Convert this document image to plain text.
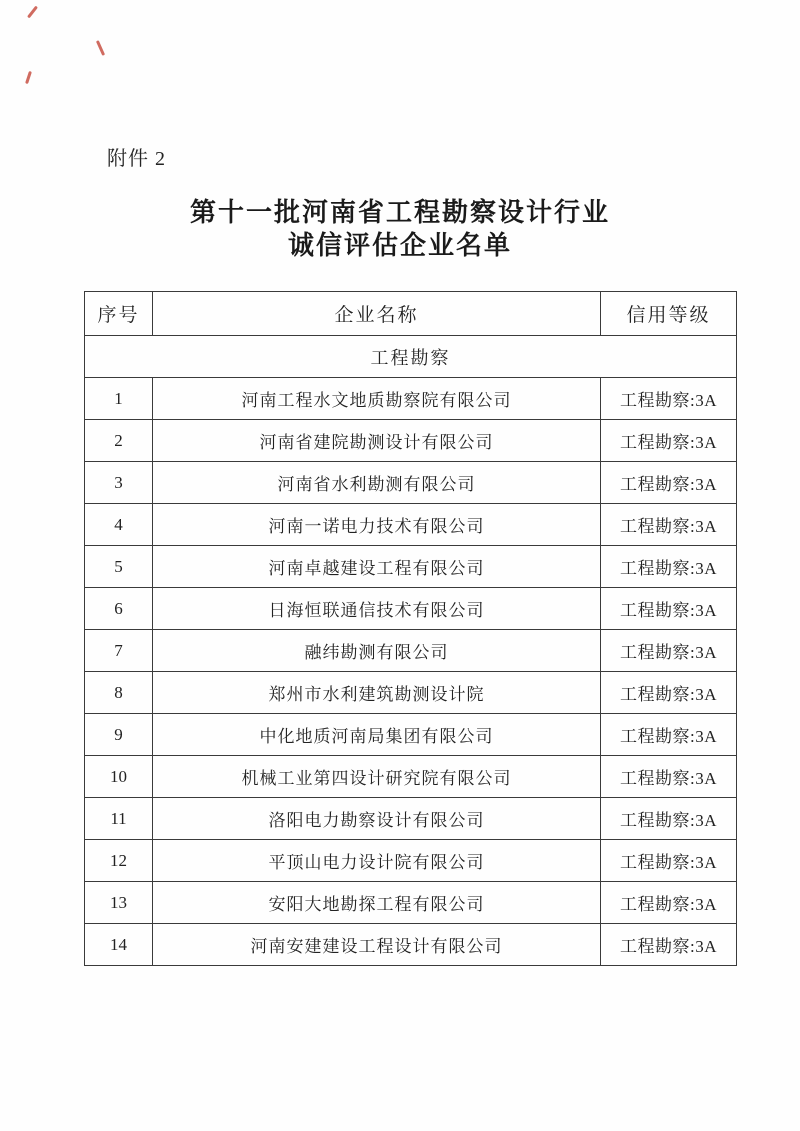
附件 2
第十一批河南省工程勘察设计行业
诚信评估企业名单
序号	企业名称	信用等级
工程勘察		
1	河南工程水文地质勘察院有限公司	工程勘察:3A
2	河南省建院勘测设计有限公司	工程勘察:3A
3	河南省水利勘测有限公司	工程勘察:3A
4	河南一诺电力技术有限公司	工程勘察:3A
5	河南卓越建设工程有限公司	工程勘察:3A
6	日海恒联通信技术有限公司	工程勘察:3A
7	融纬勘测有限公司	工程勘察:3A
8	郑州市水利建筑勘测设计院	工程勘察:3A
9	中化地质河南局集团有限公司	工程勘察:3A
10	机械工业第四设计研究院有限公司	工程勘察:3A
11	洛阳电力勘察设计有限公司	工程勘察:3A
12	平顶山电力设计院有限公司	工程勘察:3A
13	安阳大地勘探工程有限公司	工程勘察:3A
14	河南安建建设工程设计有限公司	工程勘察:3A
